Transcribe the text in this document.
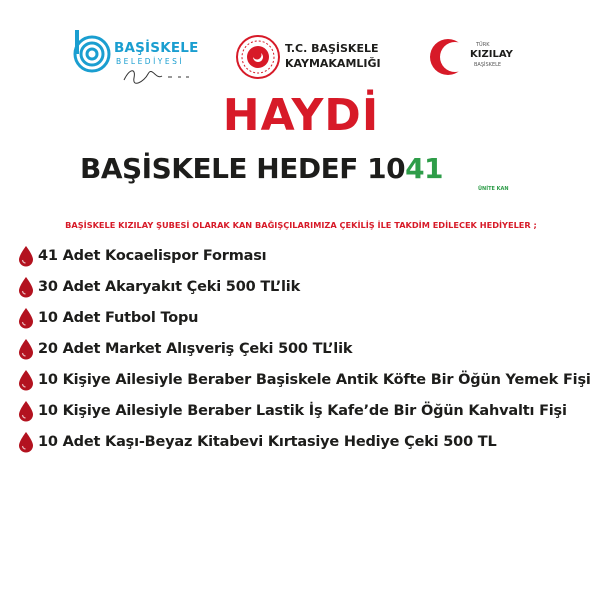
BAŞİSKELE
BELEDİYESİ
T.C. BAŞİSKELE
KAYMAKAMLIĞI
TÜRK
KIZILAY
BAŞİSKELE
HAYDİ
BAŞİSKELE HEDEF 1041
ÜNİTE KAN
BAŞİSKELE KIZILAY ŞUBESİ OLARAK KAN BAĞIŞÇILARIMIZA ÇEKİLİŞ İLE TAKDİM EDİLECEK HEDİYELER ;
41 Adet Kocaelispor Forması
30 Adet Akaryakıt Çeki 500 TL’lik
10 Adet Futbol Topu
20 Adet Market Alışveriş Çeki 500 TL’lik
10 Kişiye Ailesiyle Beraber Başiskele Antik Köfte Bir Öğün Yemek Fişi
10 Kişiye Ailesiyle Beraber Lastik İş Kafe’de Bir Öğün Kahvaltı Fişi
10 Adet Kaşı-Beyaz Kitabevi Kırtasiye Hediye Çeki 500 TL
